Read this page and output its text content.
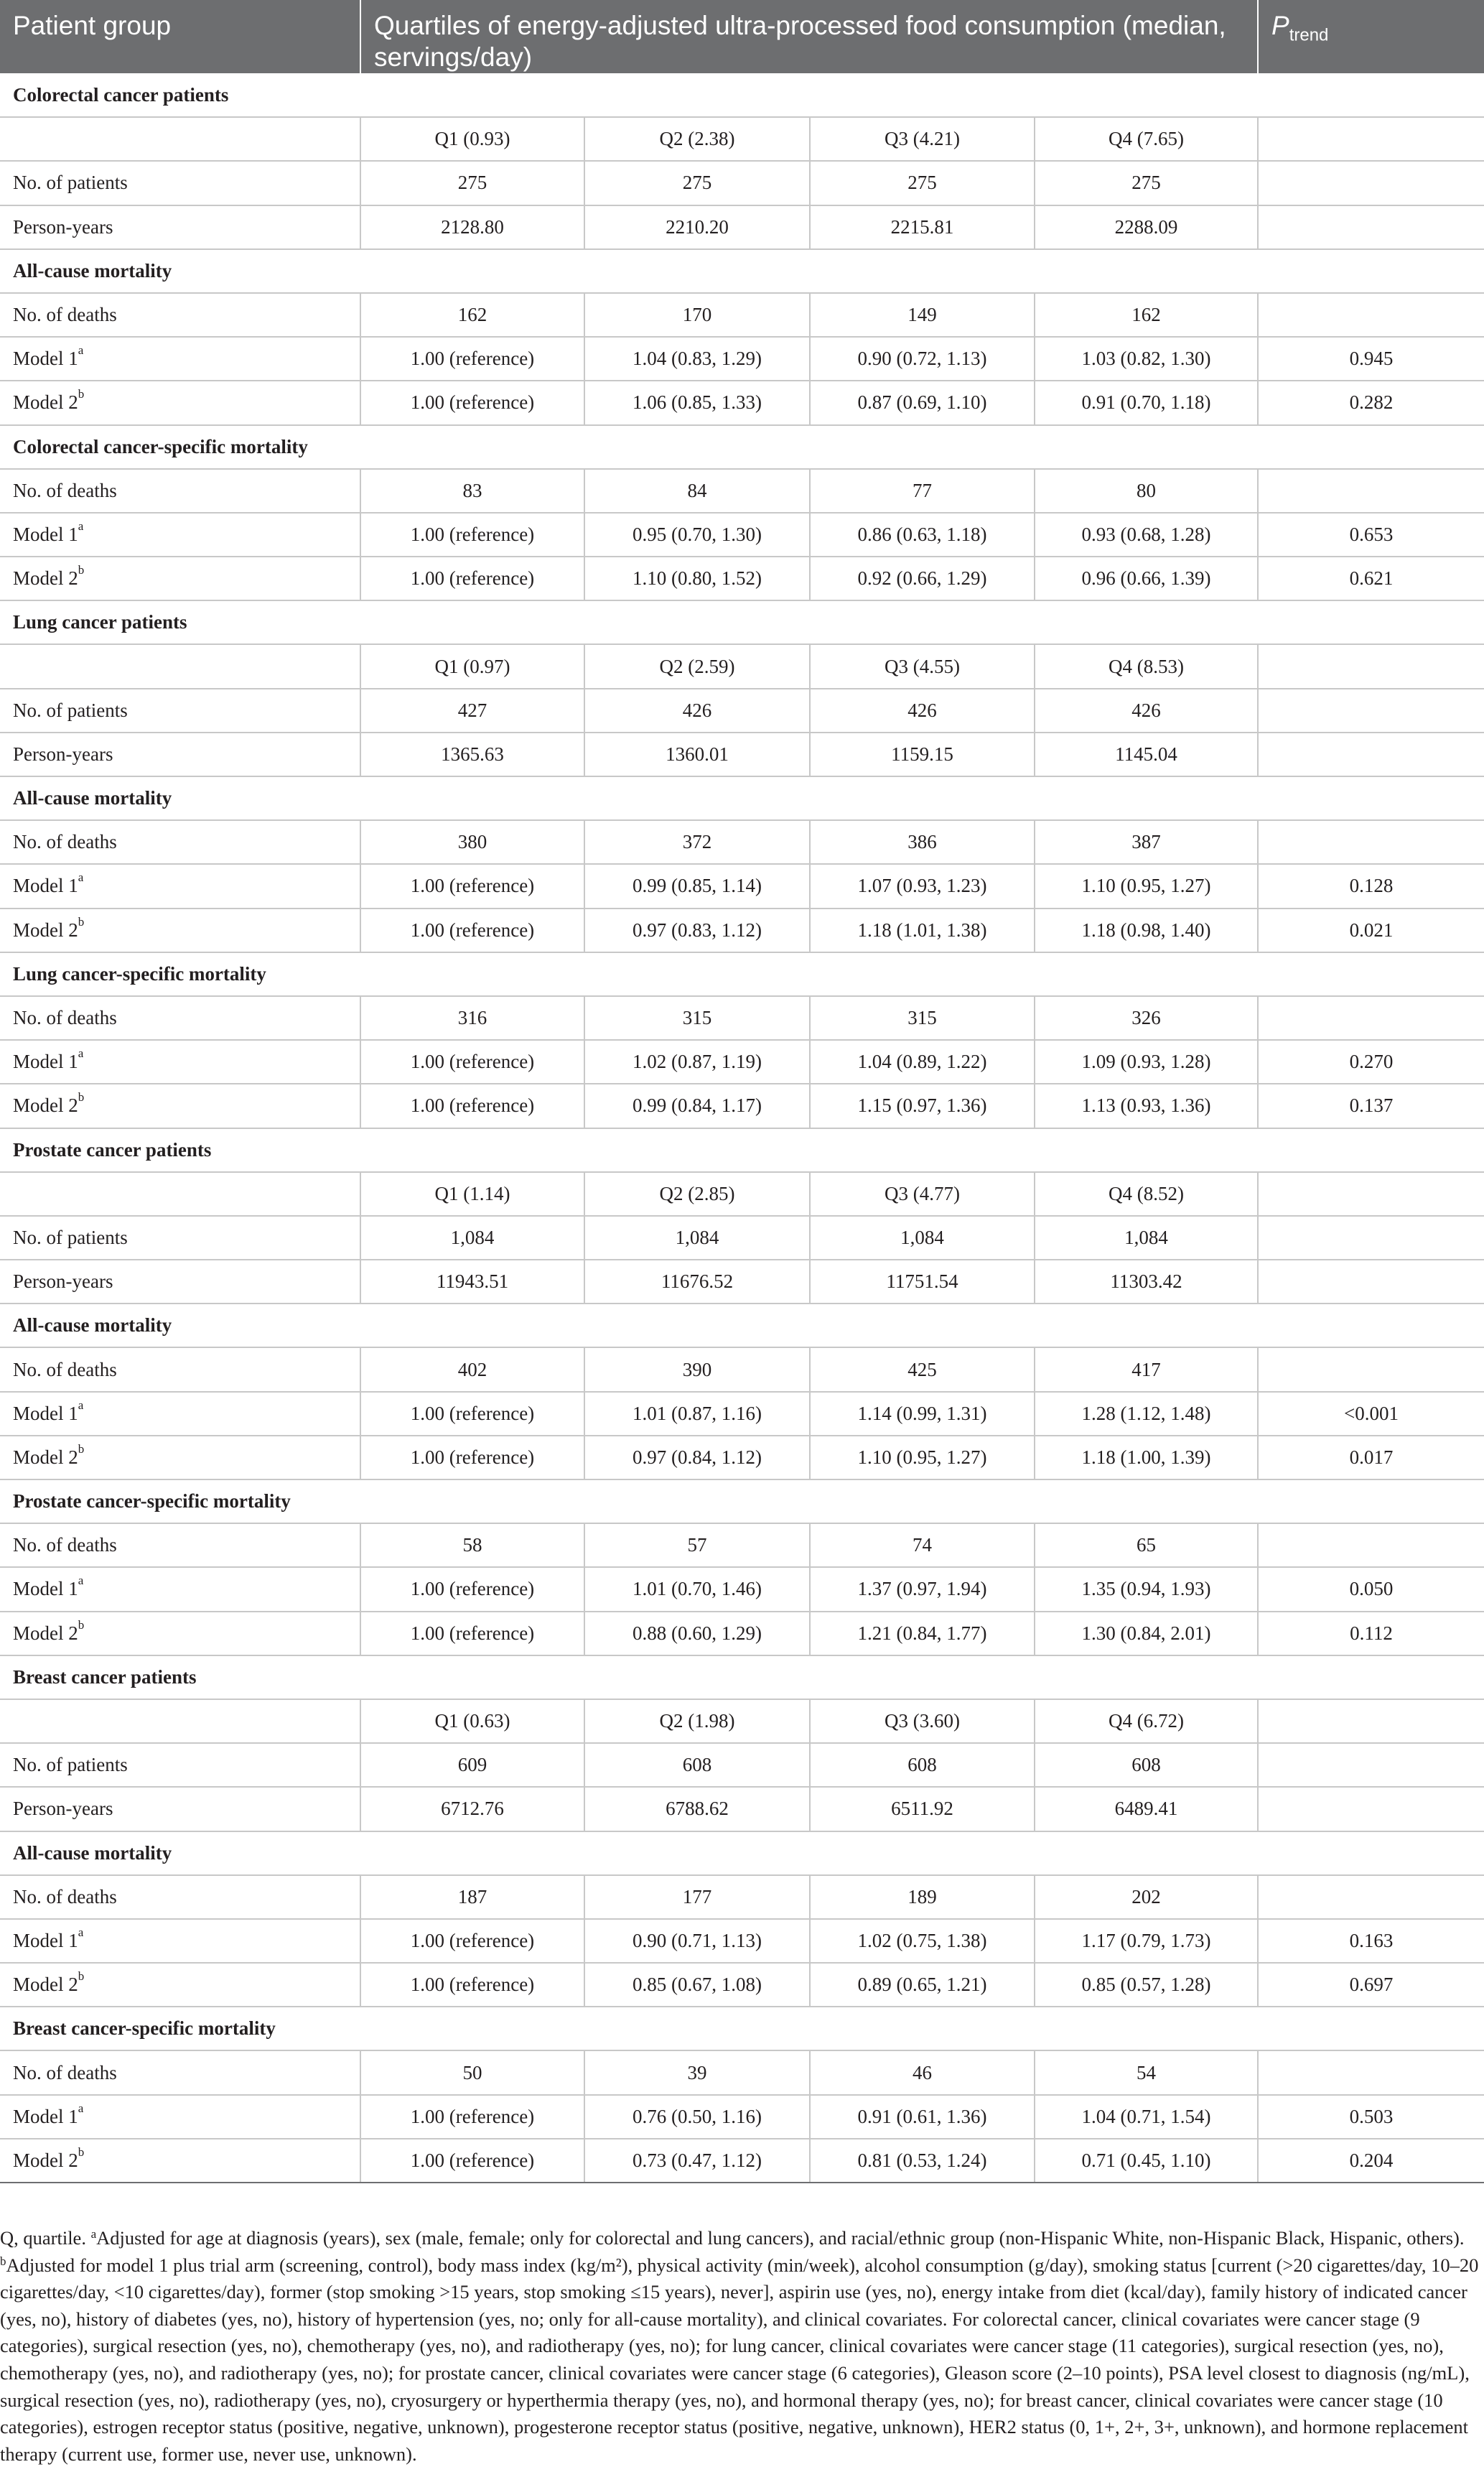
Patient group	Quartiles of energy-adjusted ultra-processed food consumption (median, servings/day)				$P_{trend}$
Colorectal cancer patients					
	Q1 (0.93)	Q2 (2.38)	Q3 (4.21)	Q4 (7.65)	
No. of patients	275	275	275	275	
Person-years	2128.80	2210.20	2215.81	2288.09	
All-cause mortality					
No. of deaths	162	170	149	162	
Model 1$^a$	1.00 (reference)	1.04 (0.83, 1.29)	0.90 (0.72, 1.13)	1.03 (0.82, 1.30)	0.945
Model 2$^b$	1.00 (reference)	1.06 (0.85, 1.33)	0.87 (0.69, 1.10)	0.91 (0.70, 1.18)	0.282
Colorectal cancer-specific mortality					
No. of deaths	83	84	77	80	
Model 1$^a$	1.00 (reference)	0.95 (0.70, 1.30)	0.86 (0.63, 1.18)	0.93 (0.68, 1.28)	0.653
Model 2$^b$	1.00 (reference)	1.10 (0.80, 1.52)	0.92 (0.66, 1.29)	0.96 (0.66, 1.39)	0.621
Lung cancer patients					
	Q1 (0.97)	Q2 (2.59)	Q3 (4.55)	Q4 (8.53)	
No. of patients	427	426	426	426	
Person-years	1365.63	1360.01	1159.15	1145.04	
All-cause mortality					
No. of deaths	380	372	386	387	
Model 1$^a$	1.00 (reference)	0.99 (0.85, 1.14)	1.07 (0.93, 1.23)	1.10 (0.95, 1.27)	0.128
Model 2$^b$	1.00 (reference)	0.97 (0.83, 1.12)	1.18 (1.01, 1.38)	1.18 (0.98, 1.40)	0.021
Lung cancer-specific mortality					
No. of deaths	316	315	315	326	
Model 1$^a$	1.00 (reference)	1.02 (0.87, 1.19)	1.04 (0.89, 1.22)	1.09 (0.93, 1.28)	0.270
Model 2$^b$	1.00 (reference)	0.99 (0.84, 1.17)	1.15 (0.97, 1.36)	1.13 (0.93, 1.36)	0.137
Prostate cancer patients					
	Q1 (1.14)	Q2 (2.85)	Q3 (4.77)	Q4 (8.52)	
No. of patients	1,084	1,084	1,084	1,084	
Person-years	11943.51	11676.52	11751.54	11303.42	
All-cause mortality					
No. of deaths	402	390	425	417	
Model 1$^a$	1.00 (reference)	1.01 (0.87, 1.16)	1.14 (0.99, 1.31)	1.28 (1.12, 1.48)	<0.001
Model 2$^b$	1.00 (reference)	0.97 (0.84, 1.12)	1.10 (0.95, 1.27)	1.18 (1.00, 1.39)	0.017
Prostate cancer-specific mortality					
No. of deaths	58	57	74	65	
Model 1$^a$	1.00 (reference)	1.01 (0.70, 1.46)	1.37 (0.97, 1.94)	1.35 (0.94, 1.93)	0.050
Model 2$^b$	1.00 (reference)	0.88 (0.60, 1.29)	1.21 (0.84, 1.77)	1.30 (0.84, 2.01)	0.112
Breast cancer patients					
	Q1 (0.63)	Q2 (1.98)	Q3 (3.60)	Q4 (6.72)	
No. of patients	609	608	608	608	
Person-years	6712.76	6788.62	6511.92	6489.41	
All-cause mortality					
No. of deaths	187	177	189	202	
Model 1$^a$	1.00 (reference)	0.90 (0.71, 1.13)	1.02 (0.75, 1.38)	1.17 (0.79, 1.73)	0.163
Model 2$^b$	1.00 (reference)	0.85 (0.67, 1.08)	0.89 (0.65, 1.21)	0.85 (0.57, 1.28)	0.697
Breast cancer-specific mortality					
No. of deaths	50	39	46	54	
Model 1$^a$	1.00 (reference)	0.76 (0.50, 1.16)	0.91 (0.61, 1.36)	1.04 (0.71, 1.54)	0.503
Model 2$^b$	1.00 (reference)	0.73 (0.47, 1.12)	0.81 (0.53, 1.24)	0.71 (0.45, 1.10)	0.204

Q, quartile. $^a$Adjusted for age at diagnosis (years), sex (male, female; only for colorectal and lung cancers), and racial/ethnic group (non-Hispanic White, non-Hispanic Black, Hispanic, others).

$^b$Adjusted for model 1 plus trial arm (screening, control), body mass index (kg/m²), physical activity (min/week), alcohol consumption (g/day), smoking status [current (>20 cigarettes/day, 10–20 cigarettes/day, <10 cigarettes/day), former (stop smoking >15 years, stop smoking ≤15 years), never], aspirin use (yes, no), energy intake from diet (kcal/day), family history of indicated cancer (yes, no), history of diabetes (yes, no), history of hypertension (yes, no; only for all-cause mortality), and clinical covariates. For colorectal cancer, clinical covariates were cancer stage (9 categories), surgical resection (yes, no), chemotherapy (yes, no), and radiotherapy (yes, no); for lung cancer, clinical covariates were cancer stage (11 categories), surgical resection (yes, no), chemotherapy (yes, no), and radiotherapy (yes, no); for prostate cancer, clinical covariates were cancer stage (6 categories), Gleason score (2–10 points), PSA level closest to diagnosis (ng/mL), surgical resection (yes, no), radiotherapy (yes, no), cryosurgery or hyperthermia therapy (yes, no), and hormonal therapy (yes, no); for breast cancer, clinical covariates were cancer stage (10 categories), estrogen receptor status (positive, negative, unknown), progesterone receptor status (positive, negative, unknown), HER2 status (0, 1+, 2+, 3+, unknown), and hormone replacement therapy (current use, former use, never use, unknown).
